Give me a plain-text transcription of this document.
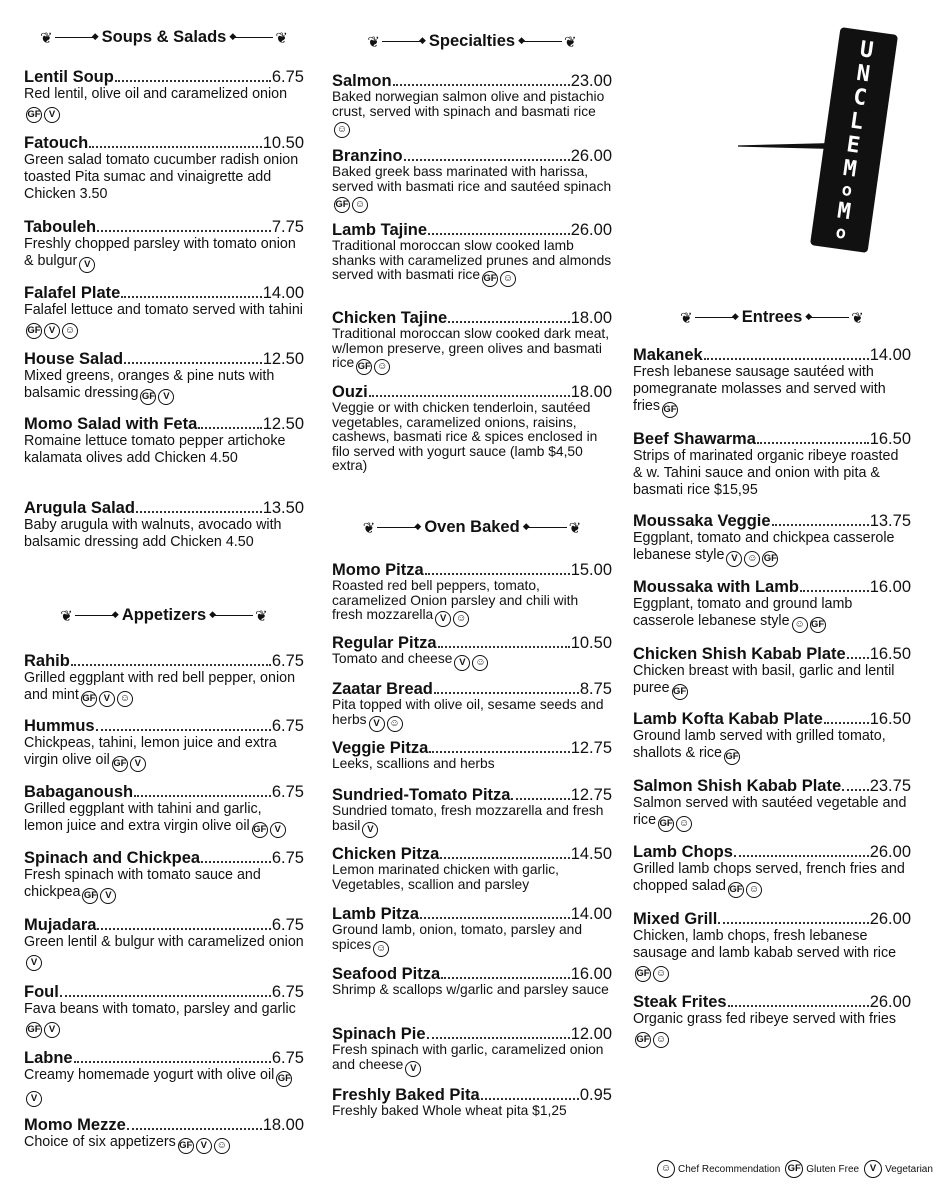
❦ ◆	Soups & Salads ◆	❦
Lentil Soup	6.75
Red lentil, olive oil and caramelized onionGF V
Fatouch	10.50
Green salad tomato cucumber radish onion toasted Pita sumac and vinaigrette add Chicken 3.50
Tabouleh	7.75
Freshly chopped parsley with tomato onion & bulgur V
Falafel Plate	14.00
Falafel lettuce and tomato served with tahiniGF V ☺
House Salad	12.50
Mixed greens, oranges & pine nuts with balsamic dressing GF V
Momo Salad with Feta	12.50
Romaine lettuce tomato pepper artichoke kalamata olives add Chicken 4.50
Arugula Salad	13.50
Baby arugula with walnuts, avocado with balsamic dressing add Chicken 4.50
❦ ◆	Appetizers ◆	❦
Rahib	6.75
Grilled eggplant with red bell pepper, onion and mint GF V ☺
Hummus	6.75
Chickpeas, tahini, lemon juice and extra virgin olive oil GF V
Babaganoush	6.75
Grilled eggplant with tahini and garlic, lemon juice and extra virgin olive oil GF V
Spinach and Chickpea	6.75
Fresh spinach with tomato sauce and chickpea GF V
Mujadara	6.75
Green lentil & bulgur with caramelized onionV
Foul	6.75
Fava beans with tomato, parsley and garlicGF V
Labne	6.75
Creamy homemade yogurt with olive oil GFV
Momo Mezze	18.00
Choice of six appetizers GF V ☺
❦ ◆	Specialties ◆	❦
Salmon	23.00
Baked norwegian salmon olive and pistachio crust, served with spinach and basmati rice☺
Branzino	26.00
Baked greek bass marinated with harissa, served with basmati rice and sautéed spinachGF ☺
Lamb Tajine	26.00
Traditional moroccan slow cooked lamb shanks with caramelized prunes and almonds served with basmati rice GF ☺
Chicken Tajine	18.00
Traditional moroccan slow cooked dark meat, w/lemon preserve, green olives and basmati rice GF ☺
Ouzi	18.00
Veggie or with chicken tenderloin, sautéed vegetables, caramelized onions, raisins, cashews, basmati rice & spices enclosed in filo served with yogurt sauce (lamb $4,50 extra)
❦ ◆	Oven Baked ◆	❦
Momo Pitza	15.00
Roasted red bell peppers, tomato, caramelized Onion parsley and chili with fresh mozzarella V ☺
Regular Pitza	10.50
Tomato and cheese V ☺
Zaatar Bread	8.75
Pita topped with olive oil, sesame seeds and herbs V ☺
Veggie Pitza	12.75
Leeks, scallions and herbs
Sundried-Tomato Pitza	12.75
Sundried tomato, fresh mozzarella and fresh basil V
Chicken Pitza	14.50
Lemon marinated chicken with garlic, Vegetables, scallion and parsley
Lamb Pitza	14.00
Ground lamb, onion, tomato, parsley and spices ☺
Seafood Pitza	16.00
Shrimp & scallops w/garlic and parsley sauce
Spinach Pie	12.00
Fresh spinach with garlic, caramelized onion and cheese V
Freshly Baked Pita	0.95
Freshly baked Whole wheat pita $1,25
U
N
C
L
E
M
o
M
o
❦ ◆	Entrees ◆	❦
Makanek	14.00
Fresh lebanese sausage sautéed with pomegranate molasses and served with fries GF
Beef Shawarma	16.50
Strips of marinated organic ribeye roasted & w. Tahini sauce and onion with pita & basmati rice $15,95
Moussaka Veggie	13.75
Eggplant, tomato and chickpea casserole lebanese style V ☺ GF
Moussaka with Lamb	16.00
Eggplant, tomato and ground lamb casserole lebanese style ☺ GF
Chicken Shish Kabab Plate 16.50
Chicken breast with basil, garlic and lentil puree GF
Lamb Kofta Kabab Plate	16.50
Ground lamb served with grilled tomato, shallots & rice GF
Salmon Shish Kabab Plate 23.75
Salmon served with sautéed vegetable and rice GF ☺
Lamb Chops	26.00
Grilled lamb chops served, french fries and chopped salad GF ☺
Mixed Grill	26.00
Chicken, lamb chops, fresh lebanese sausage and lamb kabab served with riceGF ☺
Steak Frites	26.00
Organic grass fed ribeye served with friesGF ☺
☺ Chef Recommendation GF Gluten Free	V Vegetarian
